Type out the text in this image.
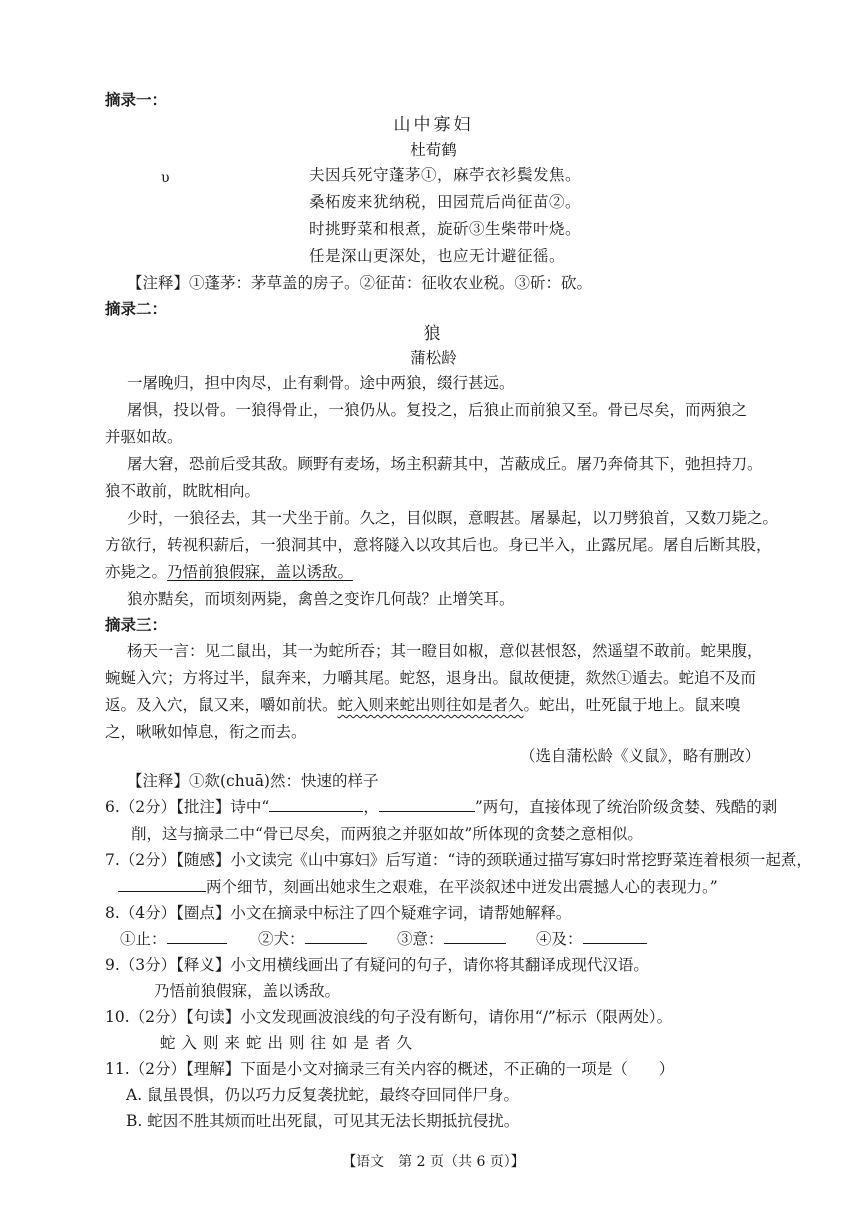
摘录一：
山中寡妇
杜荀鹤
υ	夫因兵死守蓬茅①，麻苧衣衫鬓发焦。
桑柘废来犹纳税，田园荒后尚征苗②。
时挑野菜和根煮，旋斫③生柴带叶烧。
任是深山更深处，也应无计避征徭。
【注释】①蓬茅：茅草盖的房子。②征苗：征收农业税。③斫：砍。
摘录二：
狼
蒲松龄
一屠晚归，担中肉尽，止有剩骨。途中两狼，缀行甚远。
屠惧，投以骨。一狼得骨止，一狼仍从。复投之，后狼止而前狼又至。骨已尽矣，而两狼之
并驱如故。
屠大窘，恐前后受其敌。顾野有麦场，场主积薪其中，苫蔽成丘。屠乃奔倚其下，弛担持刀。
狼不敢前，眈眈相向。
少时，一狼径去，其一犬坐于前。久之，目似瞑，意暇甚。屠暴起，以刀劈狼首，又数刀毙之。
方欲行，转视积薪后，一狼洞其中，意将隧入以攻其后也。身已半入，止露尻尾。屠自后断其股，
亦毙之。乃悟前狼假寐，盖以诱敌。
狼亦黠矣，而顷刻两毙，禽兽之变诈几何哉？止增笑耳。
摘录三：
杨天一言：见二鼠出，其一为蛇所吞；其一瞪目如椒，意似甚恨怒，然遥望不敢前。蛇果腹，
蜿蜒入穴；方将过半，鼠奔来，力嚼其尾。蛇怒，退身出。鼠故便捷，欻然①遁去。蛇追不及而
返。及入穴，鼠又来，嚼如前状。蛇入则来蛇出则往如是者久。蛇出，吐死鼠于地上。鼠来嗅
之，啾啾如悼息，衔之而去。
（选自蒲松龄《义鼠》，略有删改）
【注释】①欻(chuā)然：快速的样子
6.（2分）【批注】诗中“	，	”两句，直接体现了统治阶级贪婪、残酷的剥
削，这与摘录二中“骨已尽矣，而两狼之并驱如故”所体现的贪婪之意相似。
7.（2分）【随感】小文读完《山中寡妇》后写道：“诗的颈联通过描写寡妇时常挖野菜连着根须一起煮，
两个细节，刻画出她求生之艰难，在平淡叙述中迸发出震撼人心的表现力。”
8.（4分）【圈点】小文在摘录中标注了四个疑难字词，请帮她解释。
①止：	②犬：	③意：	④及：
9.（3分）【释义】小文用横线画出了有疑问的句子，请你将其翻译成现代汉语。
乃悟前狼假寐，盖以诱敌。
10.（2分）【句读】小文发现画波浪线的句子没有断句，请你用“/”标示（限两处）。
蛇入则来蛇出则往如是者久
11.（2分）【理解】下面是小文对摘录三有关内容的概述，不正确的一项是（　　）
A. 鼠虽畏惧，仍以巧力反复袭扰蛇，最终夺回同伴尸身。
B. 蛇因不胜其烦而吐出死鼠，可见其无法长期抵抗侵扰。
【语文　第 2 页（共 6 页）】
